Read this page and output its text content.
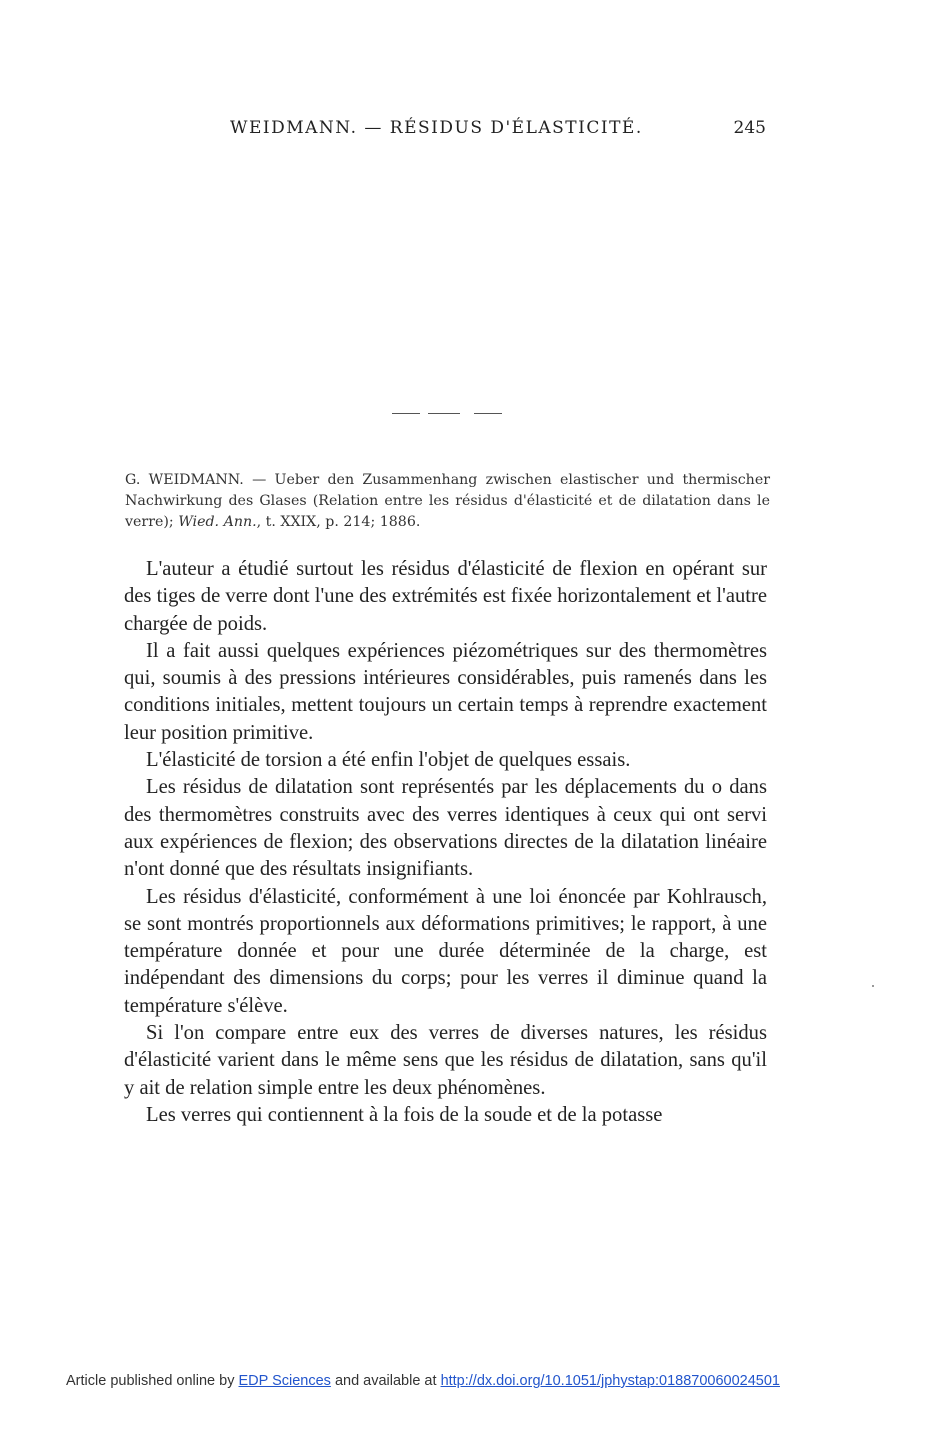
WEIDMANN. — RÉSIDUS D'ÉLASTICITÉ.	245
G. WEIDMANN. — Ueber den Zusammenhang zwischen elastischer und thermischer Nachwirkung des Glases (Relation entre les résidus d'élasticité et de dilatation dans le verre); Wied. Ann., t. XXIX, p. 214; 1886.

L'auteur a étudié surtout les résidus d'élasticité de flexion en opérant sur des tiges de verre dont l'une des extrémités est fixée horizontalement et l'autre chargée de poids.

Il a fait aussi quelques expériences piézométriques sur des thermomètres qui, soumis à des pressions intérieures considérables, puis ramenés dans les conditions initiales, mettent toujours un certain temps à reprendre exactement leur position primitive.

L'élasticité de torsion a été enfin l'objet de quelques essais.

Les résidus de dilatation sont représentés par les déplacements du o dans des thermomètres construits avec des verres identiques à ceux qui ont servi aux expériences de flexion; des observations directes de la dilatation linéaire n'ont donné que des résultats insignifiants.

Les résidus d'élasticité, conformément à une loi énoncée par Kohlrausch, se sont montrés proportionnels aux déformations primitives; le rapport, à une température donnée et pour une durée déterminée de la charge, est indépendant des dimensions du corps; pour les verres il diminue quand la température s'élève.

Si l'on compare entre eux des verres de diverses natures, les résidus d'élasticité varient dans le même sens que les résidus de dilatation, sans qu'il y ait de relation simple entre les deux phénomènes.

Les verres qui contiennent à la fois de la soude et de la potasse

Article published online by EDP Sciences and available at http://dx.doi.org/10.1051/jphystap:018870060024501
